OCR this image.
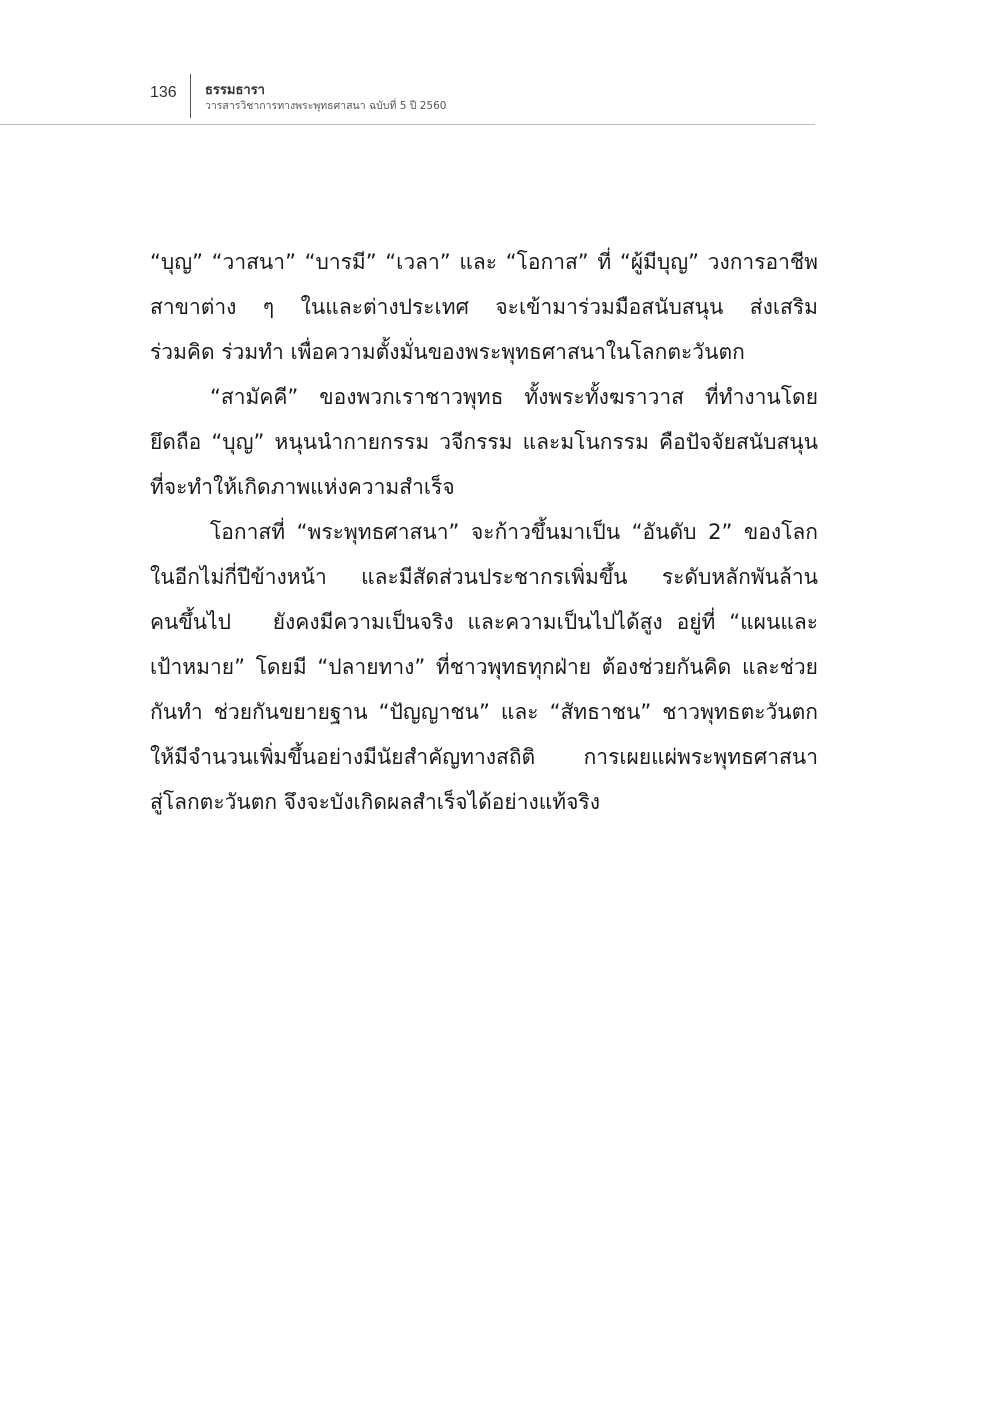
136 ธรรมธารา
วารสารวิชาการทางพระพุทธศาสนา ฉบับที่ 5 ปี 2560

“บุญ” “วาสนา” “บารมี” “เวลา” และ “โอกาส” ที่ “ผู้มีบุญ” วงการอาชีพ
สาขาต่าง ๆ ในและต่างประเทศ จะเข้ามาร่วมมือสนับสนุน ส่งเสริม
ร่วมคิด ร่วมทำ เพื่อความตั้งมั่นของพระพุทธศาสนาในโลกตะวันตก

“สามัคคี” ของพวกเราชาวพุทธ ทั้งพระทั้งฆราวาส ที่ทำงานโดย
ยึดถือ “บุญ” หนุนนำกายกรรม วจีกรรม และมโนกรรม คือปัจจัยสนับสนุน
ที่จะทำให้เกิดภาพแห่งความสำเร็จ

โอกาสที่ “พระพุทธศาสนา” จะก้าวขึ้นมาเป็น “อันดับ 2” ของโลก
ในอีกไม่กี่ปีข้างหน้า และมีสัดส่วนประชากรเพิ่มขึ้น ระดับหลักพันล้าน
คนขึ้นไป   ยังคงมีความเป็นจริง และความเป็นไปได้สูง อยู่ที่ “แผนและ
เป้าหมาย” โดยมี “ปลายทาง” ที่ชาวพุทธทุกฝ่าย ต้องช่วยกันคิด และช่วย
กันทำ ช่วยกันขยายฐาน “ปัญญาชน” และ “สัทธาชน” ชาวพุทธตะวันตก
ให้มีจำนวนเพิ่มขึ้นอย่างมีนัยสำคัญทางสถิติ การเผยแผ่พระพุทธศาสนา
สู่โลกตะวันตก จึงจะบังเกิดผลสำเร็จได้อย่างแท้จริง
